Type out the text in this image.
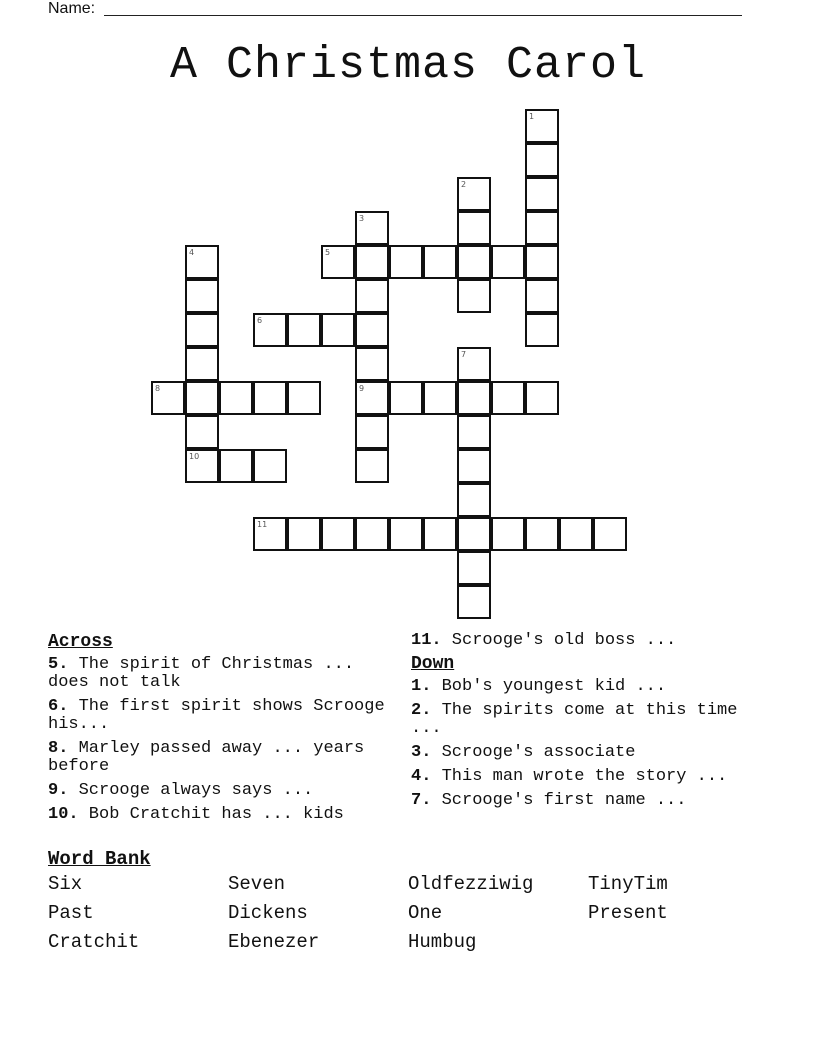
Name:
A Christmas Carol
1
2
3
9
4
10
5
6
7
8
11
Across
5. The spirit of Christmas ... does not talk
6. The first spirit shows Scrooge his...
8. Marley passed away ... years before
9. Scrooge always says ...
10. Bob Cratchit has ... kids
11. Scrooge's old boss ...
Down
1. Bob's youngest kid ...
2. The spirits come at this time ...
3. Scrooge's associate
4. This man wrote the story ...
7. Scrooge's first name ...
Word Bank
Six	Seven	Oldfezziwig	TinyTim
Past	Dickens	One	Present
Cratchit	Ebenezer	Humbug
